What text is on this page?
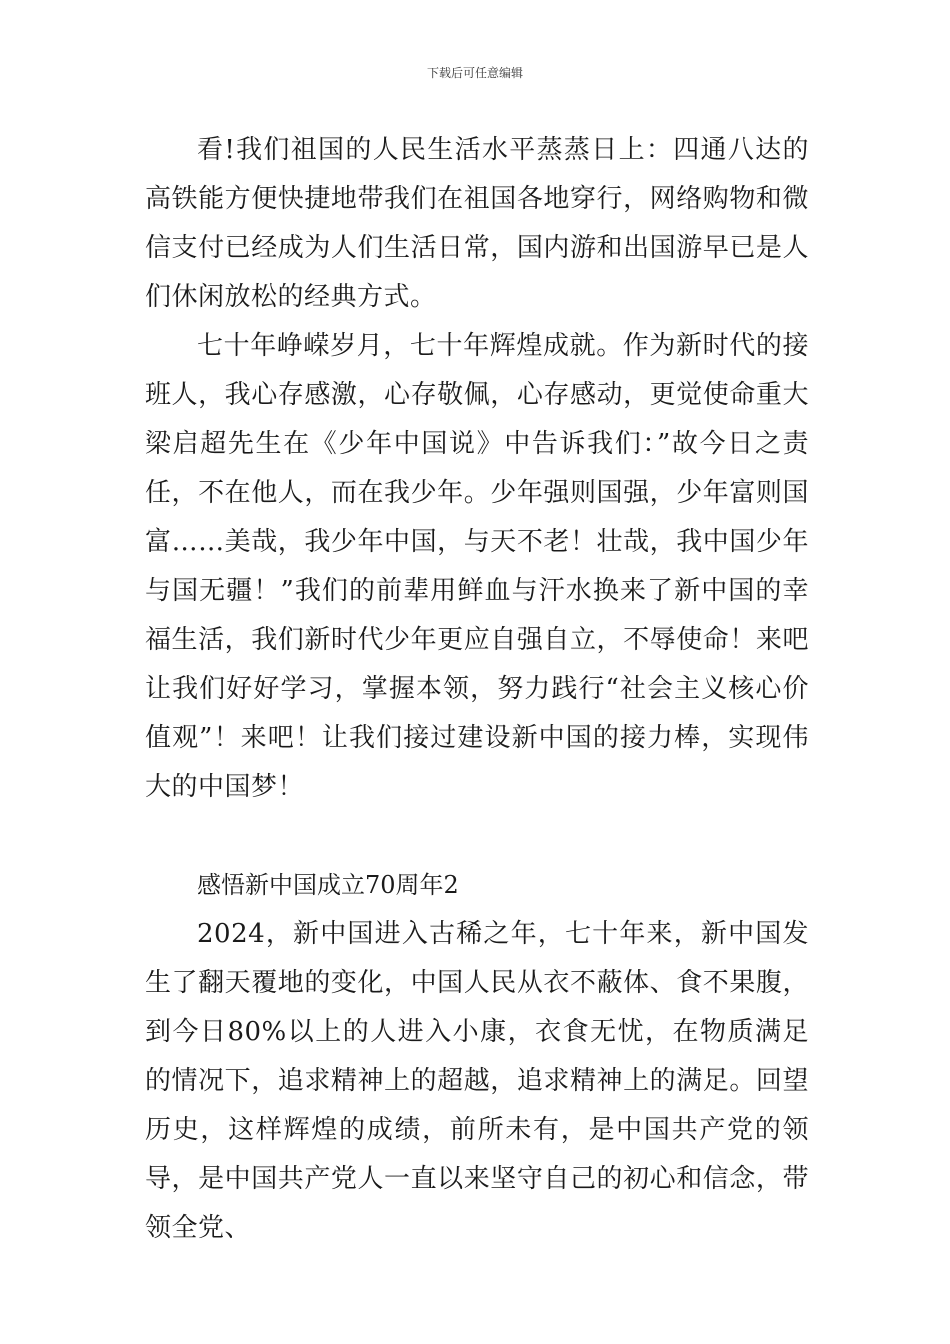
下载后可任意编辑

看!我们祖国的人民生活水平蒸蒸日上：四通八达的高铁能方便快捷地带我们在祖国各地穿行，网络购物和微信支付已经成为人们生活日常，国内游和出国游早已是人们休闲放松的经典方式。

七十年峥嵘岁月，七十年辉煌成就。作为新时代的接班人，我心存感激，心存敬佩，心存感动，更觉使命重大梁启超先生在《少年中国说》中告诉我们：”故今日之责任，不在他人，而在我少年。少年强则国强，少年富则国富……美哉，我少年中国，与天不老！壮哉，我中国少年与国无疆！”我们的前辈用鲜血与汗水换来了新中国的幸福生活，我们新时代少年更应自强自立，不辱使命！来吧让我们好好学习，掌握本领，努力践行“社会主义核心价值观”！来吧！让我们接过建设新中国的接力棒，实现伟大的中国梦！

感悟新中国成立70周年2

2024，新中国进入古稀之年，七十年来，新中国发生了翻天覆地的变化，中国人民从衣不蔽体、食不果腹，到今日80%以上的人进入小康，衣食无忧，在物质满足的情况下，追求精神上的超越，追求精神上的满足。回望历史，这样辉煌的成绩，前所未有，是中国共产党的领导，是中国共产党人一直以来坚守自己的初心和信念，带领全党、
